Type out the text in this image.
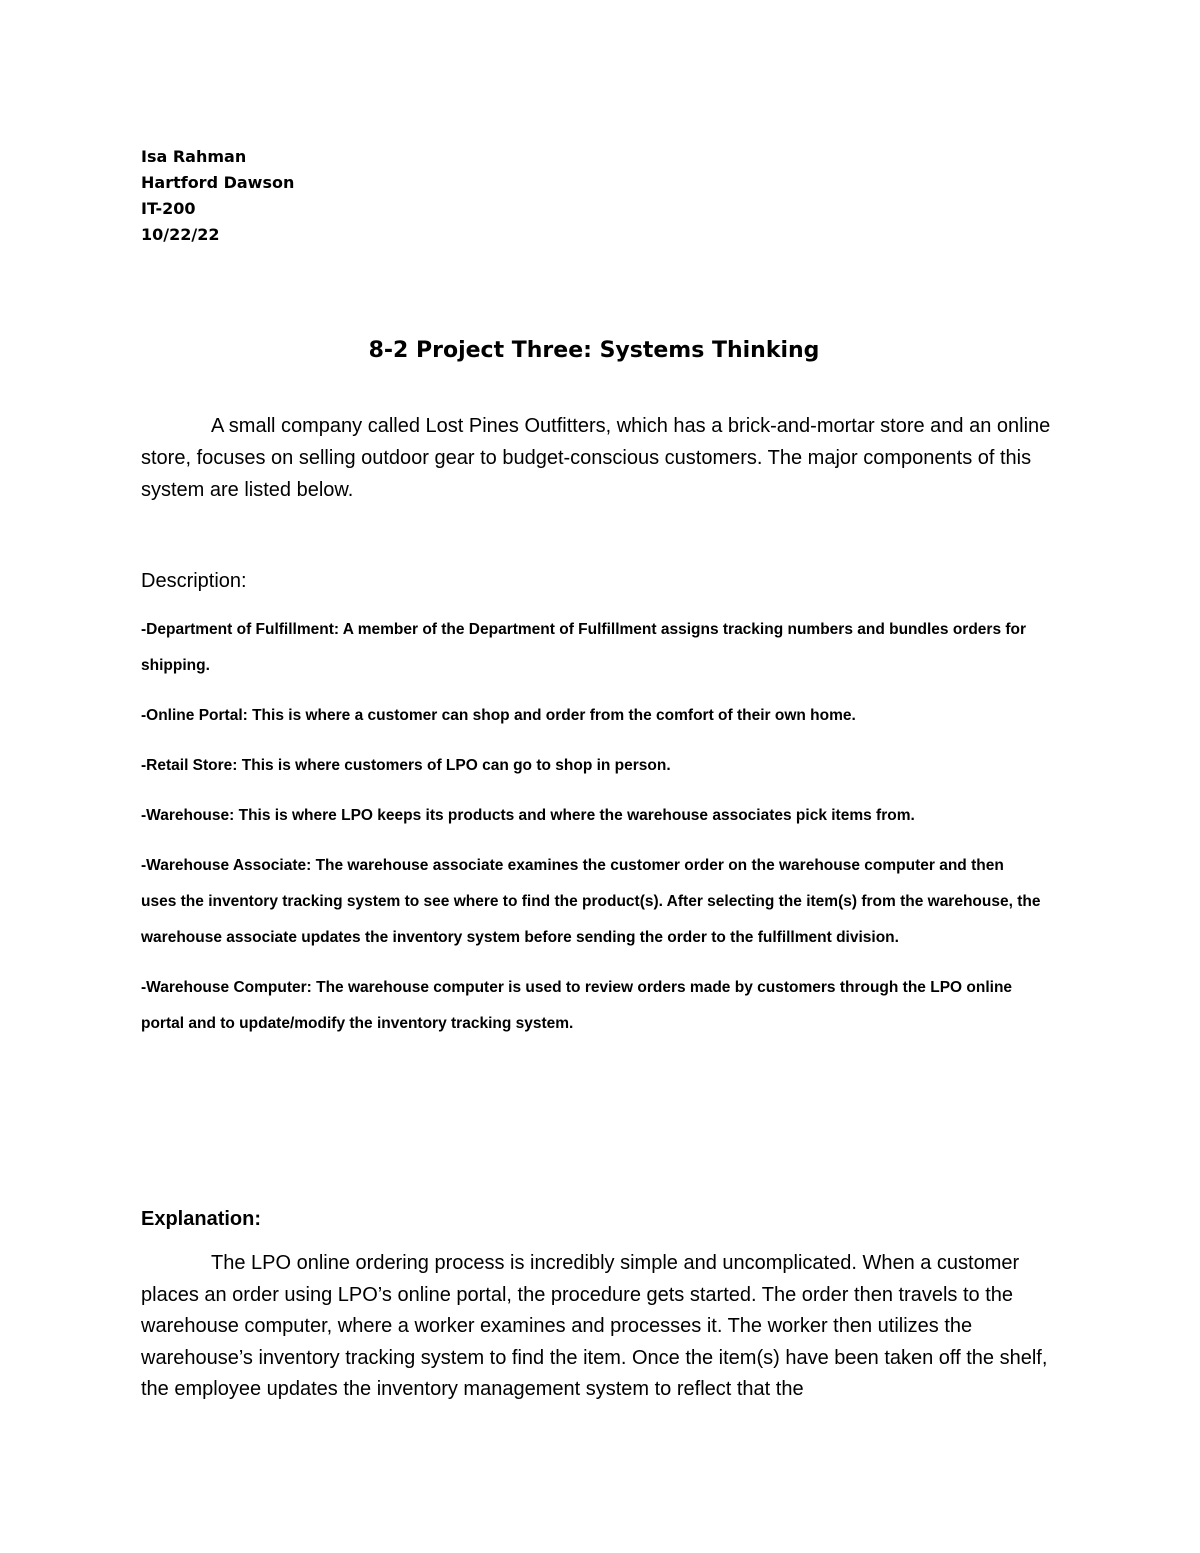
Isa Rahman
Hartford Dawson
IT-200
10/22/22
8-2 Project Three: Systems Thinking

A small company called Lost Pines Outfitters, which has a brick-and-mortar store and an online store, focuses on selling outdoor gear to budget-conscious customers. The major components of this system are listed below.

Description:

-Department of Fulfillment: A member of the Department of Fulfillment assigns tracking numbers and bundles orders for shipping.

-Online Portal: This is where a customer can shop and order from the comfort of their own home.

-Retail Store: This is where customers of LPO can go to shop in person.

-Warehouse: This is where LPO keeps its products and where the warehouse associates pick items from.

-Warehouse Associate: The warehouse associate examines the customer order on the warehouse computer and then uses the inventory tracking system to see where to find the product(s). After selecting the item(s) from the warehouse, the warehouse associate updates the inventory system before sending the order to the fulfillment division.

-Warehouse Computer: The warehouse computer is used to review orders made by customers through the LPO online portal and to update/modify the inventory tracking system.

Explanation:

The LPO online ordering process is incredibly simple and uncomplicated. When a customer places an order using LPO’s online portal, the procedure gets started. The order then travels to the warehouse computer, where a worker examines and processes it. The worker then utilizes the warehouse’s inventory tracking system to find the item. Once the item(s) have been taken off the shelf, the employee updates the inventory management system to reflect that the
